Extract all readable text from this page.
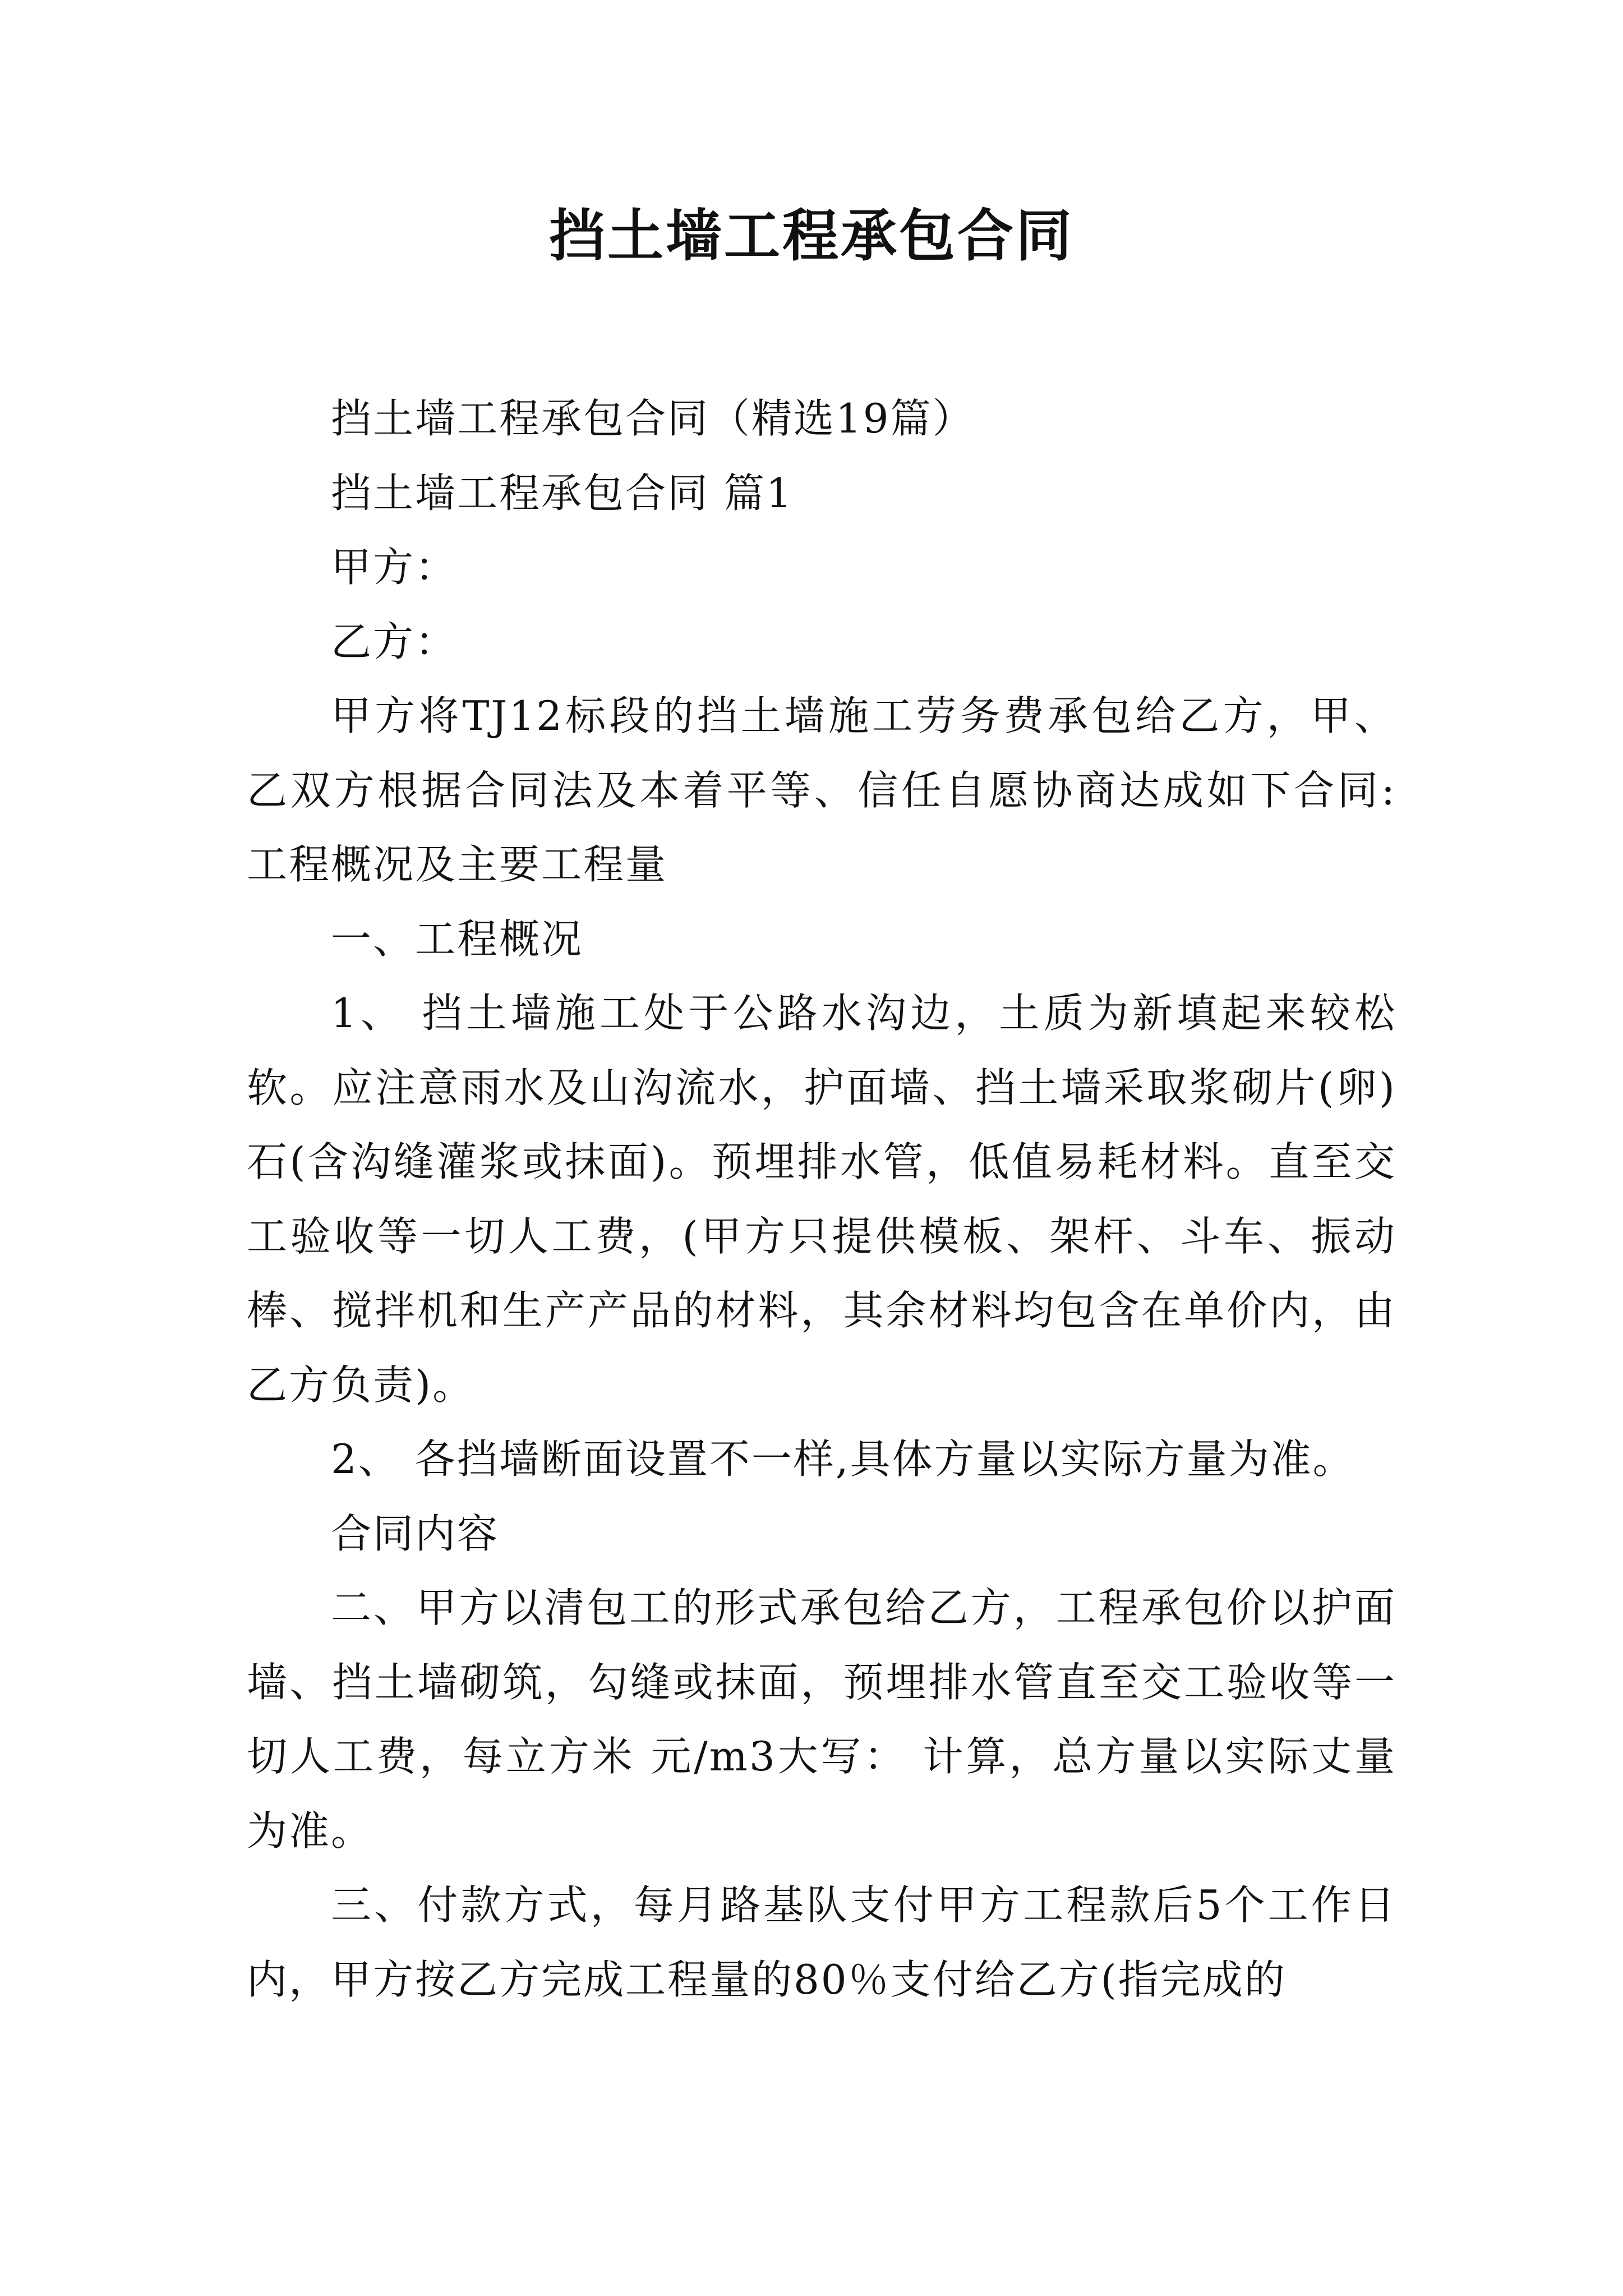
挡土墙工程承包合同

挡土墙工程承包合同（精选19篇）

挡土墙工程承包合同 篇1

甲方：

乙方：

甲方将TJ12标段的挡土墙施工劳务费承包给乙方，甲、乙双方根据合同法及本着平等、信任自愿协商达成如下合同:工程概况及主要工程量

一、工程概况

1、 挡土墙施工处于公路水沟边，土质为新填起来较松软。应注意雨水及山沟流水，护面墙、挡土墙采取浆砌片(卵)石(含沟缝灌浆或抹面)。预埋排水管，低值易耗材料。直至交工验收等一切人工费，(甲方只提供模板、架杆、斗车、振动棒、搅拌机和生产产品的材料，其余材料均包含在单价内，由乙方负责)。

2、 各挡墙断面设置不一样,具体方量以实际方量为准。

合同内容

二、甲方以清包工的形式承包给乙方，工程承包价以护面墙、挡土墙砌筑，勾缝或抹面，预埋排水管直至交工验收等一切人工费，每立方米 元/m3大写： 计算，总方量以实际丈量为准。

三、付款方式，每月路基队支付甲方工程款后5个工作日内，甲方按乙方完成工程量的80％支付给乙方(指完成的
